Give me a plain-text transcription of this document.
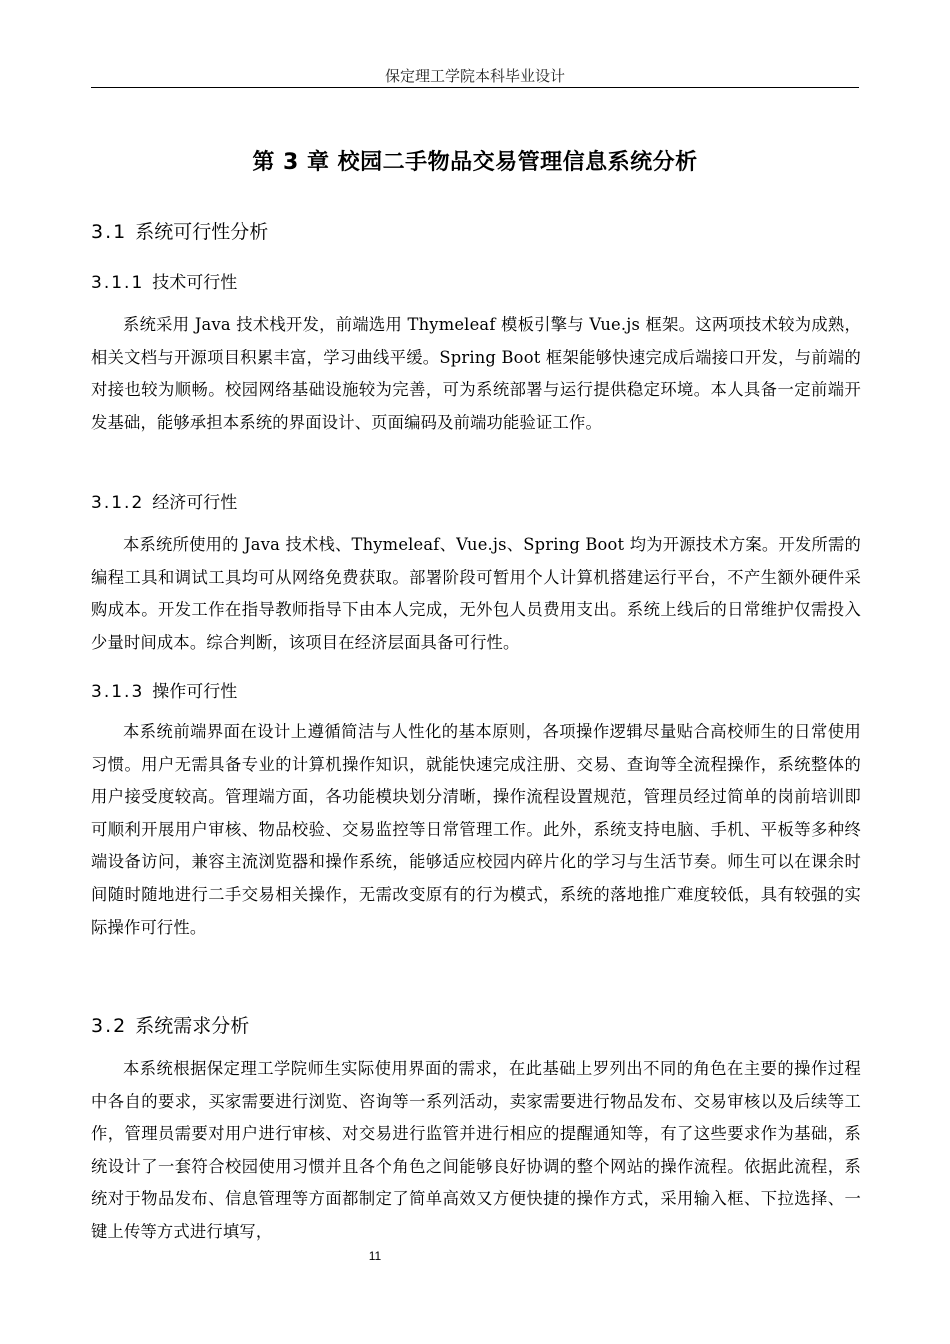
保定理工学院本科毕业设计
第 3 章 校园二手物品交易管理信息系统分析
3.1 系统可行性分析
3.1.1 技术可行性
系统采用 Java 技术栈开发，前端选用 Thymeleaf 模板引擎与 Vue.js 框架。这两项技术较为成熟，相关文档与开源项目积累丰富，学习曲线平缓。Spring Boot 框架能够快速完成后端接口开发，与前端的对接也较为顺畅。校园网络基础设施较为完善，可为系统部署与运行提供稳定环境。本人具备一定前端开发基础，能够承担本系统的界面设计、页面编码及前端功能验证工作。
3.1.2 经济可行性
本系统所使用的 Java 技术栈、Thymeleaf、Vue.js、Spring Boot 均为开源技术方案。开发所需的编程工具和调试工具均可从网络免费获取。部署阶段可暂用个人计算机搭建运行平台，不产生额外硬件采购成本。开发工作在指导教师指导下由本人完成，无外包人员费用支出。系统上线后的日常维护仅需投入少量时间成本。综合判断，该项目在经济层面具备可行性。
3.1.3 操作可行性
本系统前端界面在设计上遵循简洁与人性化的基本原则，各项操作逻辑尽量贴合高校师生的日常使用习惯。用户无需具备专业的计算机操作知识，就能快速完成注册、交易、查询等全流程操作，系统整体的用户接受度较高。管理端方面，各功能模块划分清晰，操作流程设置规范，管理员经过简单的岗前培训即可顺利开展用户审核、物品校验、交易监控等日常管理工作。此外，系统支持电脑、手机、平板等多种终端设备访问，兼容主流浏览器和操作系统，能够适应校园内碎片化的学习与生活节奏。师生可以在课余时间随时随地进行二手交易相关操作，无需改变原有的行为模式，系统的落地推广难度较低，具有较强的实际操作可行性。
3.2 系统需求分析
本系统根据保定理工学院师生实际使用界面的需求，在此基础上罗列出不同的角色在主要的操作过程中各自的要求，买家需要进行浏览、咨询等一系列活动，卖家需要进行物品发布、交易审核以及后续等工作，管理员需要对用户进行审核、对交易进行监管并进行相应的提醒通知等，有了这些要求作为基础，系统设计了一套符合校园使用习惯并且各个角色之间能够良好协调的整个网站的操作流程。依据此流程，系统对于物品发布、信息管理等方面都制定了简单高效又方便快捷的操作方式，采用输入框、下拉选择、一键上传等方式进行填写，
11
